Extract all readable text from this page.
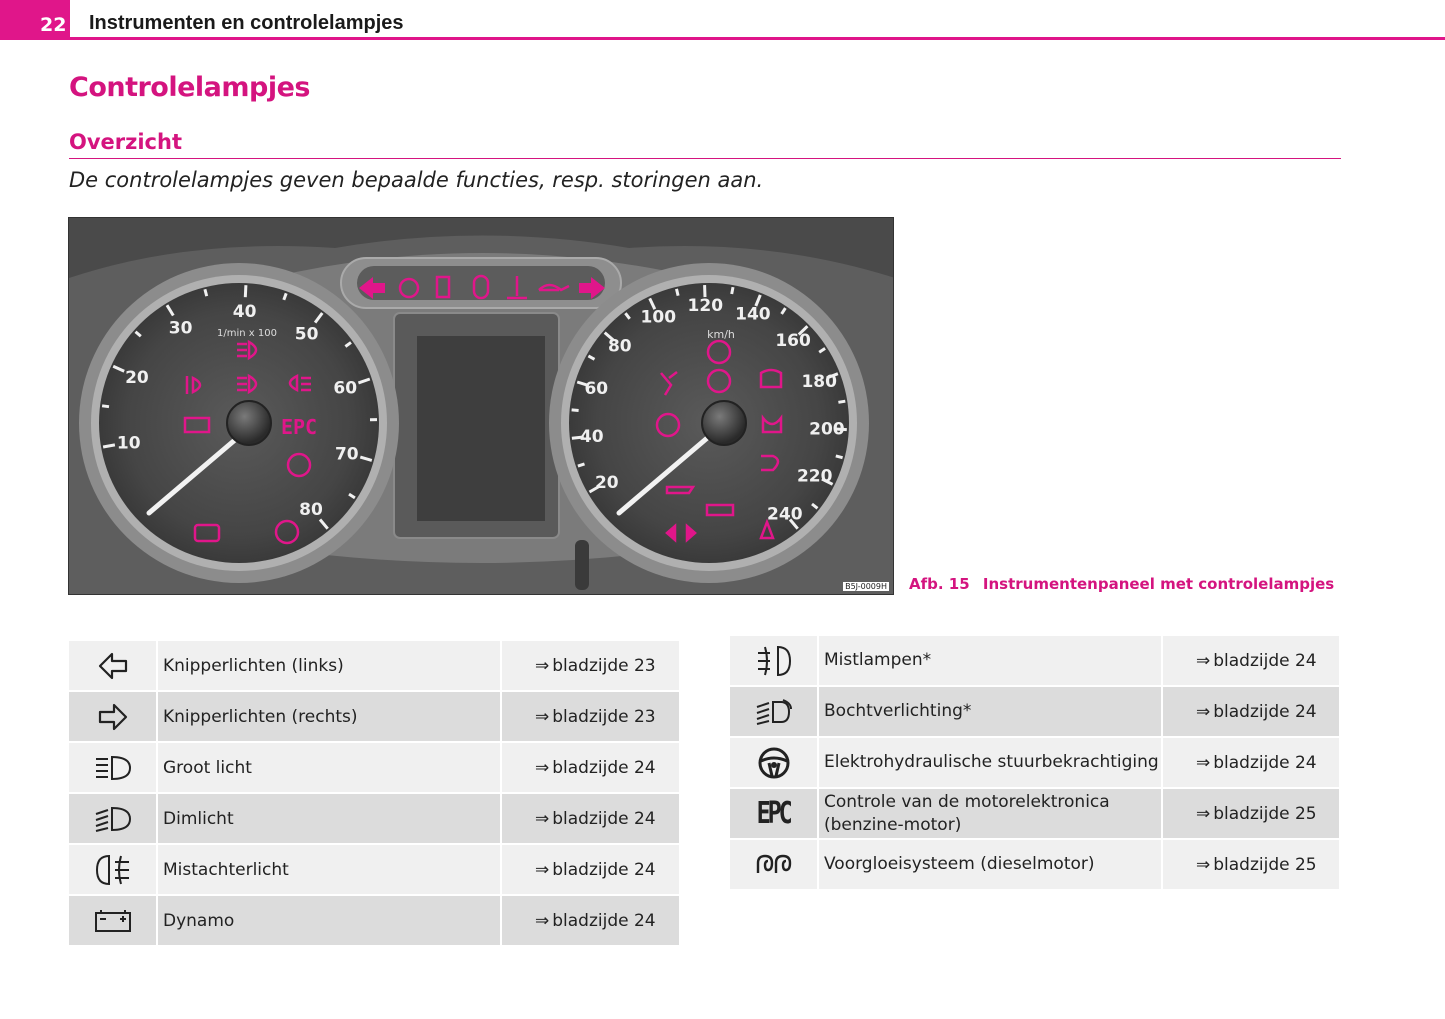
22 Instrumenten en controlelampjes
Controlelampjes
Overzicht

De controlelampjes geven bepaalde functies, resp. storingen aan.

10
20
30
40
50
60
70
80
1/min x 100
20
40
60
80
100
120 140
160
180
200
220
240
km/h
EPC
B5J-0009H Afb. 15 Instrumentenpaneel met controlelampjes
	Knipperlichten (links)	⇒ bladzijde 23

	Knipperlichten (rechts)	⇒ bladzijde 23

	Groot licht	⇒ bladzijde 24

	Dimlicht	⇒ bladzijde 24

	Mistachterlicht	⇒ bladzijde 24

	Dynamo	⇒ bladzijde 24
	Mistlampen*	⇒ bladzijde 24

	Bochtverlichting*	⇒ bladzijde 24

	Elektrohydraulische stuurbekrachtiging	⇒ bladzijde 24
EPC	Controle van de motorelektronica (benzine-motor)	⇒ bladzijde 25

	Voorgloeisysteem (dieselmotor)	⇒ bladzijde 25
